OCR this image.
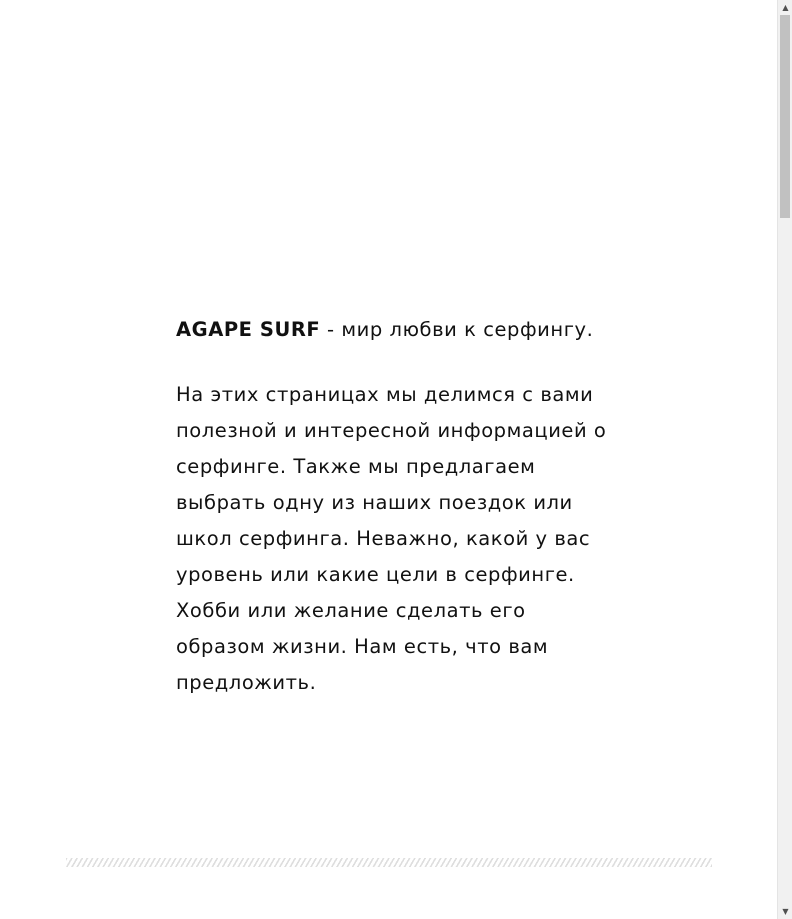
AGAPE SURF - мир любви к серфингу.

На этих страницах мы делимся с вами полезной и интересной информацией о серфинге. Также мы предлагаем выбрать одну из наших поездок или школ серфинга. Неважно, какой у вас уровень или какие цели в серфинге. Хобби или желание сделать его образом жизни. Нам есть, что вам предложить.

▲
▼
